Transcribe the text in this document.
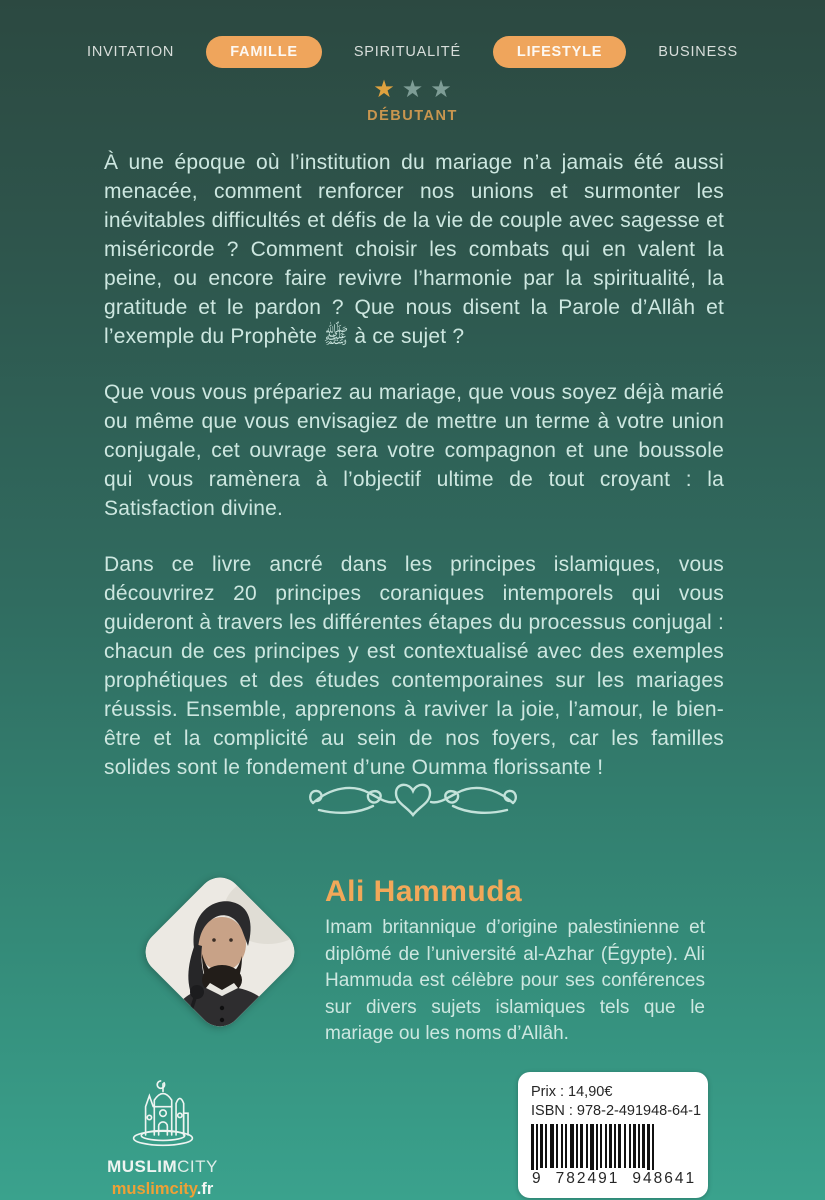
INVITATION	FAMILLE	SPIRITUALITÉ	LIFESTYLE	BUSINESS
★ ★ ★
DÉBUTANT

À une époque où l’institution du mariage n’a jamais été aussi menacée, comment renforcer nos unions et surmonter les inévitables difficultés et défis de la vie de couple avec sagesse et miséricorde ? Comment choisir les combats qui en valent la peine, ou encore faire revivre l’harmonie par la spiritualité, la gratitude et le pardon ? Que nous disent la Parole d’Allâh et l’exemple du Prophète ﷺ à ce sujet ?

Que vous vous prépariez au mariage, que vous soyez déjà marié ou même que vous envisagiez de mettre un terme à votre union conjugale, cet ouvrage sera votre compagnon et une boussole qui vous ramènera à l’objectif ultime de tout croyant : la Satisfaction divine.

Dans ce livre ancré dans les principes islamiques, vous découvrirez 20 principes coraniques intemporels qui vous guideront à travers les différentes étapes du processus conjugal : chacun de ces principes y est contextualisé avec des exemples prophétiques et des études contemporaines sur les mariages réussis. Ensemble, apprenons à raviver la joie, l’amour, le bien-être et la complicité au sein de nos foyers, car les familles solides sont le fondement d’une Oumma florissante !

Ali Hammuda

Imam britannique d’origine palestinienne et diplômé de l’université al-Azhar (Égypte). Ali Hammuda est célèbre pour ses conférences sur divers sujets islamiques tels que le mariage ou les noms d’Allâh.

MUSLIMCITY
muslimcity.fr
Prix : 14,90€
ISBN : 978-2-491948-64-1
9 782491 948641
